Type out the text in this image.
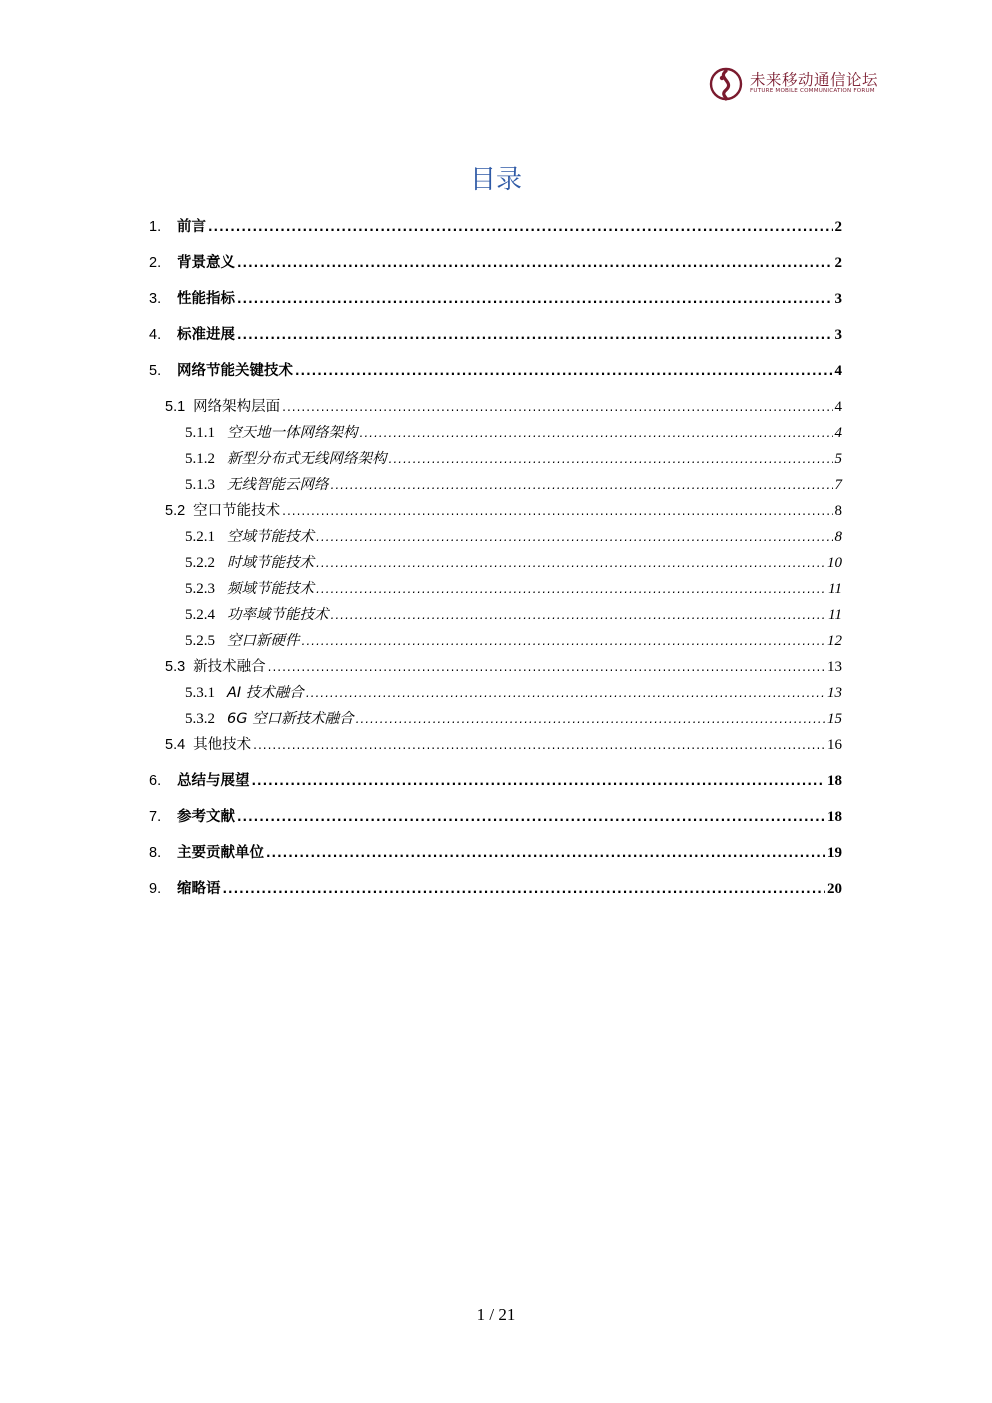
未来移动通信论坛
FUTURE MOBILE COMMUNICATION FORUM
目录
1.	前言 .....	2
2.	背景意义 .....	2
3.	性能指标 .....	3
4.	标准进展 .....	3
5.	网络节能关键技术 .....	4
5.1 网络架构层面 .....	4
5.1.1 空天地一体网络架构 .....	4
5.1.2 新型分布式无线网络架构 .....	5
5.1.3 无线智能云网络 .....	7
5.2 空口节能技术 .....	8
5.2.1 空域节能技术 .....	8
5.2.2 时域节能技术 .....	10
5.2.3 频域节能技术 .....	11
5.2.4 功率域节能技术 .....	11
5.2.5 空口新硬件 .....	12
5.3 新技术融合 .....	13
5.3.1 AI 技术融合 .....	13
5.3.2 6G 空口新技术融合 .....	15
5.4 其他技术 .....	16
6.	总结与展望 .....	18
7.	参考文献 .....	18
8.	主要贡献单位 .....	19
9.	缩略语 .....	20
1 / 21
